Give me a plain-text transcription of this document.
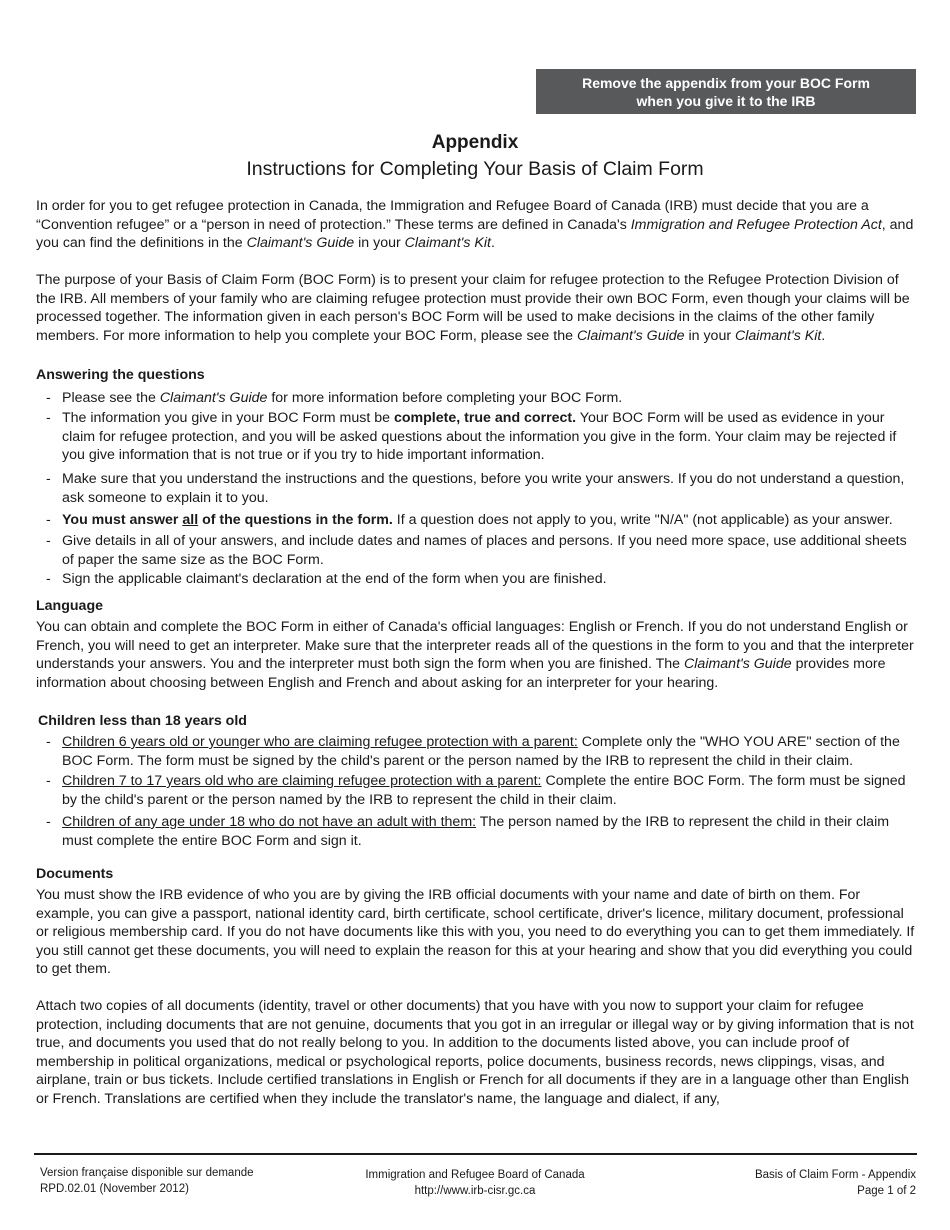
Remove the appendix from your BOC Form
when you give it to the IRB
Appendix
Instructions for Completing Your Basis of Claim Form

In order for you to get refugee protection in Canada, the Immigration and Refugee Board of Canada (IRB) must decide that you are a “Convention refugee” or a “person in need of protection.” These terms are defined in Canada's Immigration and Refugee Protection Act, and you can find the definitions in the Claimant's Guide in your Claimant's Kit.

The purpose of your Basis of Claim Form (BOC Form) is to present your claim for refugee protection to the Refugee Protection Division of the IRB. All members of your family who are claiming refugee protection must provide their own BOC Form, even though your claims will be processed together. The information given in each person's BOC Form will be used to make decisions in the claims of the other family members. For more information to help you complete your BOC Form, please see the Claimant's Guide in your Claimant's Kit.

Answering the questions

- Please see the Claimant's Guide for more information before completing your BOC Form.
- The information you give in your BOC Form must be complete, true and correct. Your BOC Form will be used as evidence in your claim for refugee protection, and you will be asked questions about the information you give in the form. Your claim may be rejected if you give information that is not true or if you try to hide important information.
- Make sure that you understand the instructions and the questions, before you write your answers. If you do not understand a question, ask someone to explain it to you.
- You must answer all of the questions in the form. If a question does not apply to you, write "N/A" (not applicable) as your answer.
- Give details in all of your answers, and include dates and names of places and persons. If you need more space, use additional sheets of paper the same size as the BOC Form.
- Sign the applicable claimant's declaration at the end of the form when you are finished.

Language

You can obtain and complete the BOC Form in either of Canada's official languages: English or French. If you do not understand English or French, you will need to get an interpreter. Make sure that the interpreter reads all of the questions in the form to you and that the interpreter understands your answers. You and the interpreter must both sign the form when you are finished. The Claimant's Guide provides more information about choosing between English and French and about asking for an interpreter for your hearing.

Children less than 18 years old

- Children 6 years old or younger who are claiming refugee protection with a parent: Complete only the "WHO YOU ARE" section of the BOC Form. The form must be signed by the child's parent or the person named by the IRB to represent the child in their claim.
- Children 7 to 17 years old who are claiming refugee protection with a parent: Complete the entire BOC Form. The form must be signed by the child's parent or the person named by the IRB to represent the child in their claim.
- Children of any age under 18 who do not have an adult with them: The person named by the IRB to represent the child in their claim must complete the entire BOC Form and sign it.

Documents

You must show the IRB evidence of who you are by giving the IRB official documents with your name and date of birth on them. For example, you can give a passport, national identity card, birth certificate, school certificate, driver's licence, military document, professional or religious membership card. If you do not have documents like this with you, you need to do everything you can to get them immediately. If you still cannot get these documents, you will need to explain the reason for this at your hearing and show that you did everything you could to get them.

Attach two copies of all documents (identity, travel or other documents) that you have with you now to support your claim for refugee protection, including documents that are not genuine, documents that you got in an irregular or illegal way or by giving information that is not true, and documents you used that do not really belong to you. In addition to the documents listed above, you can include proof of membership in political organizations, medical or psychological reports, police documents, business records, news clippings, visas, and airplane, train or bus tickets. Include certified translations in English or French for all documents if they are in a language other than English or French. Translations are certified when they include the translator's name, the language and dialect, if any,

Version française disponible sur demande
RPD.02.01 (November 2012)
Immigration and Refugee Board of Canada
http://www.irb-cisr.gc.ca
Basis of Claim Form - Appendix
Page 1 of 2
